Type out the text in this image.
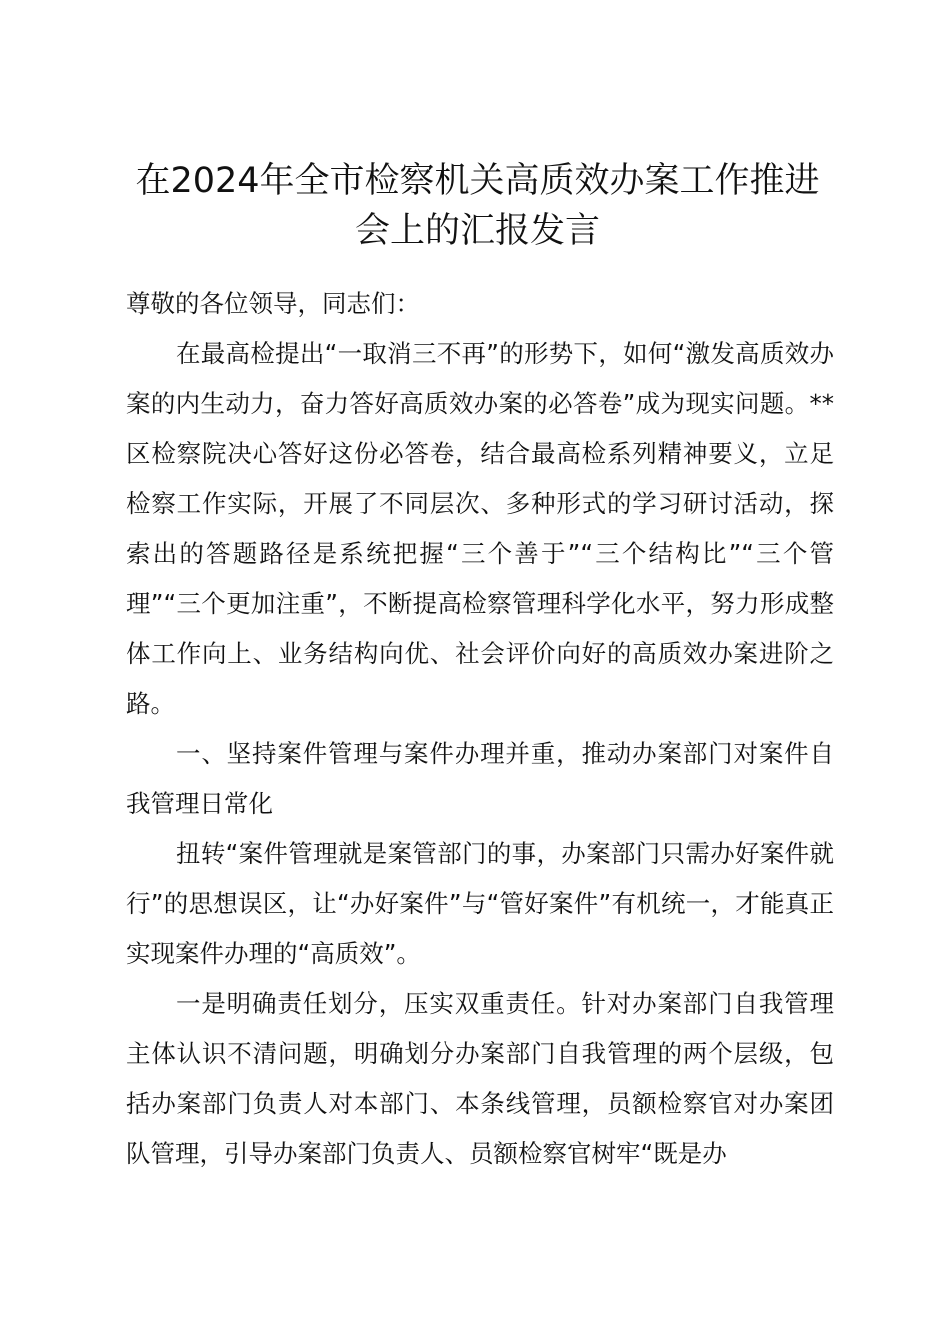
在2024年全市检察机关高质效办案工作推进
会上的汇报发言

尊敬的各位领导，同志们：

在最高检提出“一取消三不再”的形势下，如何“激发高质效办案的内生动力，奋力答好高质效办案的必答卷”成为现实问题。**区检察院决心答好这份必答卷，结合最高检系列精神要义，立足检察工作实际，开展了不同层次、多种形式的学习研讨活动，探索出的答题路径是系统把握“三个善于”“三个结构比”“三个管理”“三个更加注重”，不断提高检察管理科学化水平，努力形成整体工作向上、业务结构向优、社会评价向好的高质效办案进阶之路。

一、坚持案件管理与案件办理并重，推动办案部门对案件自我管理日常化

扭转“案件管理就是案管部门的事，办案部门只需办好案件就行”的思想误区，让“办好案件”与“管好案件”有机统一，才能真正实现案件办理的“高质效”。

一是明确责任划分，压实双重责任。针对办案部门自我管理主体认识不清问题，明确划分办案部门自我管理的两个层级，包括办案部门负责人对本部门、本条线管理，员额检察官对办案团队管理，引导办案部门负责人、员额检察官树牢“既是办
